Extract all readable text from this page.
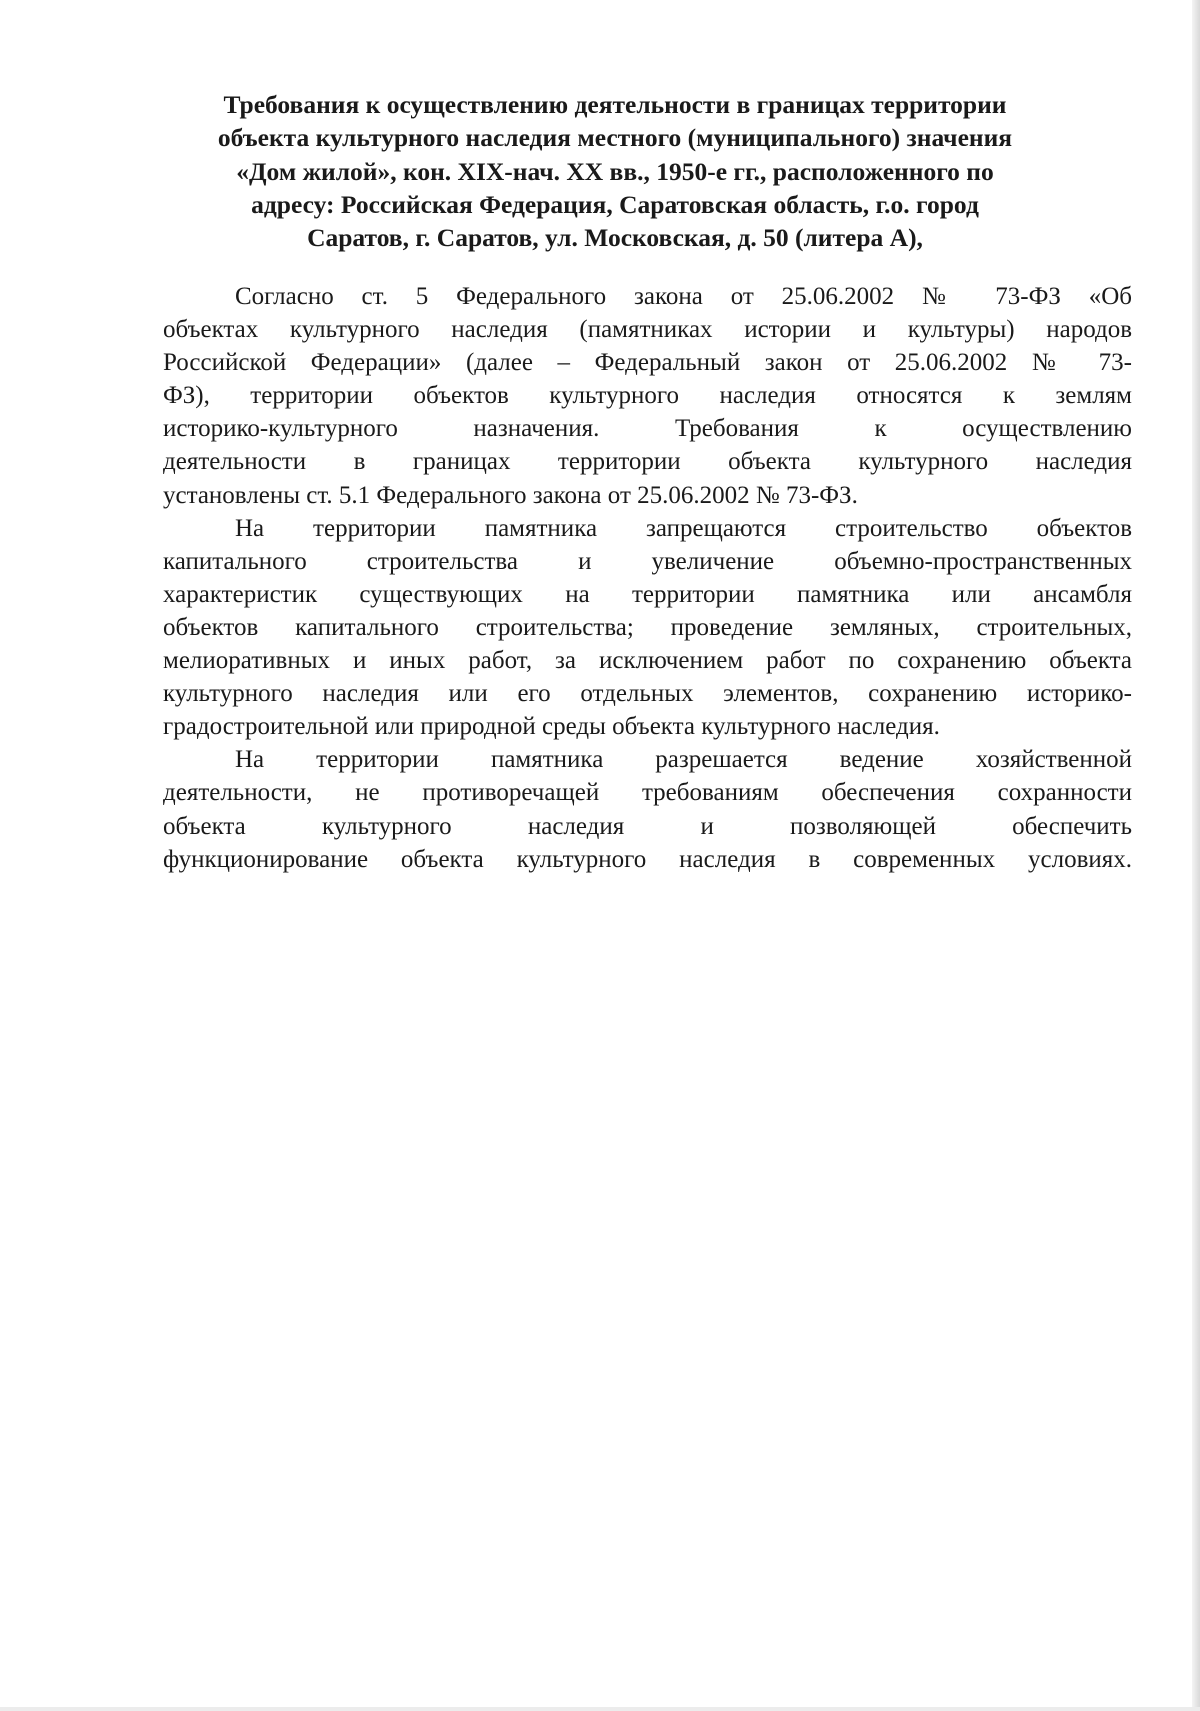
Требования к осуществлению деятельности в границах территории
объекта культурного наследия местного (муниципального) значения
«Дом жилой», кон. XIX-нач. XX вв., 1950-е гг., расположенного по
адресу: Российская Федерация, Саратовская область, г.о. город
Саратов, г. Саратов, ул. Московская, д. 50 (литера А),
Согласно ст. 5 Федерального закона от 25.06.2002 № 73-ФЗ «Об
объектах культурного наследия (памятниках истории и культуры) народов
Российской Федерации» (далее – Федеральный закон от 25.06.2002 № 73-
ФЗ), территории объектов культурного наследия относятся к землям
историко-культурного назначения. Требования к осуществлению
деятельности в границах территории объекта культурного наследия
установлены ст. 5.1 Федерального закона от 25.06.2002 № 73-ФЗ.
На территории памятника запрещаются строительство объектов
капитального строительства и увеличение объемно-пространственных
характеристик существующих на территории памятника или ансамбля
объектов капитального строительства; проведение земляных, строительных,
мелиоративных и иных работ, за исключением работ по сохранению объекта
культурного наследия или его отдельных элементов, сохранению историко-
градостроительной или природной среды объекта культурного наследия.
На территории памятника разрешается ведение хозяйственной
деятельности, не противоречащей требованиям обеспечения сохранности
объекта культурного наследия и позволяющей обеспечить
функционирование объекта культурного наследия в современных условиях.
